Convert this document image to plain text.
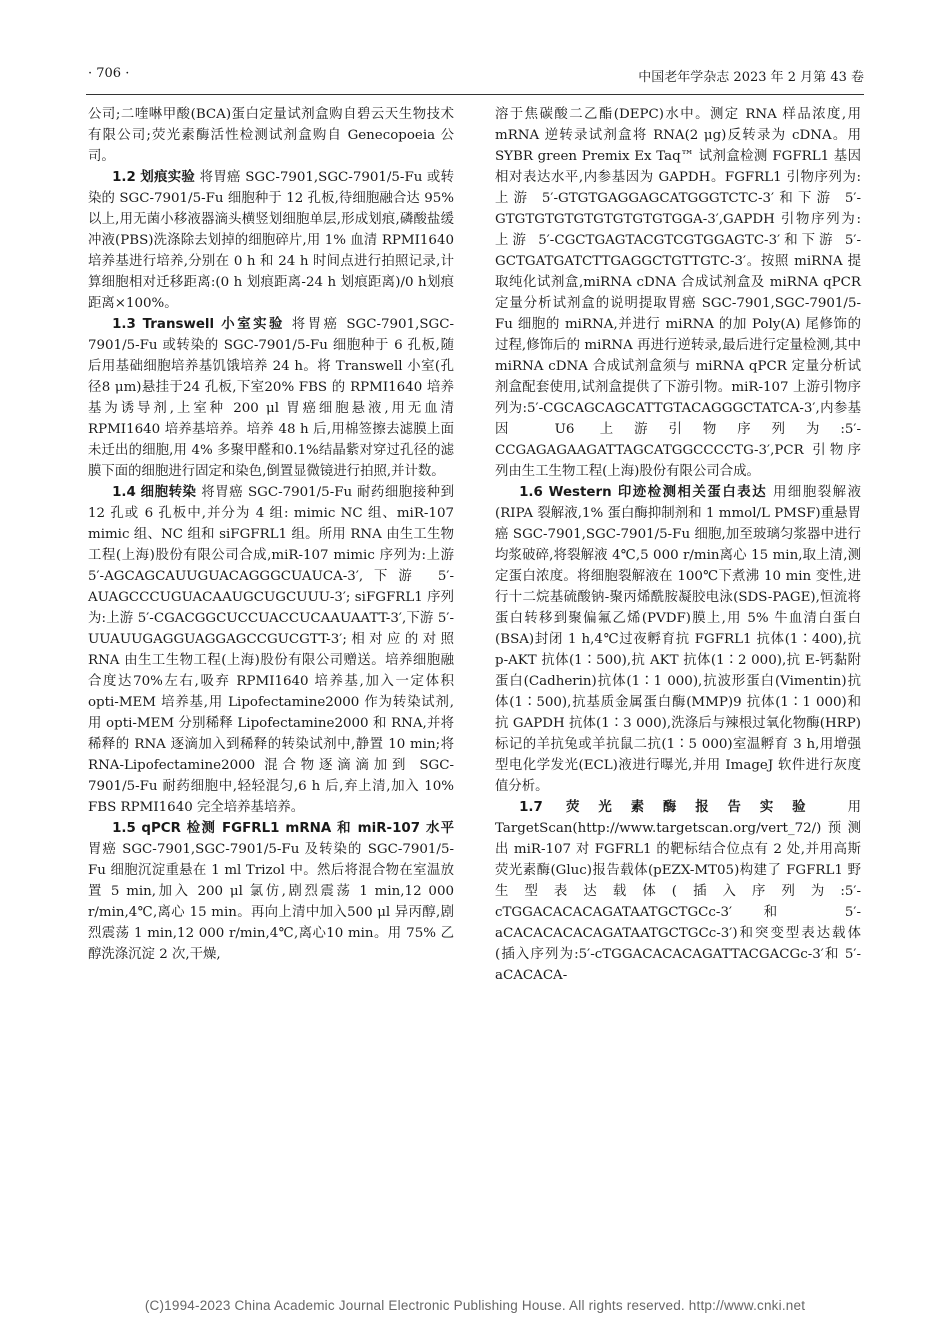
· 706 ·	中国老年学杂志 2023 年 2 月第 43 卷

公司;二喹啉甲酸(BCA)蛋白定量试剂盒购自碧云天生物技术有限公司;荧光素酶活性检测试剂盒购自 Genecopoeia 公司。

1.2 划痕实验 将胃癌 SGC-7901,SGC-7901/5-Fu 或转染的 SGC-7901/5-Fu 细胞种于 12 孔板,待细胞融合达 95% 以上,用无菌小移液器滴头横竖划细胞单层,形成划痕,磷酸盐缓冲液(PBS)洗涤除去划掉的细胞碎片,用 1% 血清 RPMI1640 培养基进行培养,分别在 0 h 和 24 h 时间点进行拍照记录,计算细胞相对迁移距离:(0 h 划痕距离-24 h 划痕距离)/0 h划痕距离×100%。

1.3 Transwell 小室实验 将胃癌 SGC-7901,SGC-7901/5-Fu 或转染的 SGC-7901/5-Fu 细胞种于 6 孔板,随后用基础细胞培养基饥饿培养 24 h。将 Transwell 小室(孔径8 μm)悬挂于24 孔板,下室20% FBS 的 RPMI1640 培养基为诱导剂,上室种 200 μl 胃癌细胞悬液,用无血清 RPMI1640 培养基培养。培养 48 h 后,用棉签擦去滤膜上面未迁出的细胞,用 4% 多聚甲醛和0.1%结晶紫对穿过孔径的滤膜下面的细胞进行固定和染色,倒置显微镜进行拍照,并计数。

1.4 细胞转染 将胃癌 SGC-7901/5-Fu 耐药细胞接种到 12 孔或 6 孔板中,并分为 4 组: mimic NC 组、miR-107 mimic 组、NC 组和 siFGFRL1 组。所用 RNA 由生工生物工程(上海)股份有限公司合成,miR-107 mimic 序列为:上游 5′-AGCAGCAUUGUACAGGGCUAUCA-3′,下游 5′-AUAGCCCUGUACAAUGCUGCUUU-3′; siFGFRL1 序列为:上游 5′-CGACGGCUCCUACCUCAAUAATT-3′,下游 5′-UUAUUGAGGUAGGAGCCGUCGTT-3′;相对应的对照 RNA 由生工生物工程(上海)股份有限公司赠送。培养细胞融合度达70%左右,吸弃 RPMI1640 培养基,加入一定体积 opti-MEM 培养基,用 Lipofectamine2000 作为转染试剂,用 opti-MEM 分别稀释 Lipofectamine2000 和 RNA,并将稀释的 RNA 逐滴加入到稀释的转染试剂中,静置 10 min;将 RNA-Lipofectamine2000 混合物逐滴滴加到 SGC-7901/5-Fu 耐药细胞中,轻轻混匀,6 h 后,弃上清,加入 10% FBS RPMI1640 完全培养基培养。

1.5 qPCR 检测 FGFRL1 mRNA 和 miR-107 水平 胃癌 SGC-7901,SGC-7901/5-Fu 及转染的 SGC-7901/5-Fu 细胞沉淀重悬在 1 ml Trizol 中。然后将混合物在室温放置 5 min,加入 200 μl 氯仿,剧烈震荡 1 min,12 000 r/min,4℃,离心 15 min。再向上清中加入500 μl 异丙醇,剧烈震荡 1 min,12 000 r/min,4℃,离心10 min。用 75% 乙醇洗涤沉淀 2 次,干燥,

溶于焦碳酸二乙酯(DEPC)水中。测定 RNA 样品浓度,用 mRNA 逆转录试剂盒将 RNA(2 μg)反转录为 cDNA。用 SYBR green Premix Ex Taq™ 试剂盒检测 FGFRL1 基因相对表达水平,内参基因为 GAPDH。FGFRL1 引物序列为:上游 5′-GTGTGAGGAGCATGGGTCTC-3′和下游 5′-GTGTGTGTGTGTGTGTGTGGA-3′,GAPDH 引物序列为:上游 5′-CGCTGAGTACGTCGTGGAGTC-3′和下游 5′-GCTGATGATCTTGAGGCTGTTGTC-3′。按照 miRNA 提取纯化试剂盒,miRNA cDNA 合成试剂盒及 miRNA qPCR 定量分析试剂盒的说明提取胃癌 SGC-7901,SGC-7901/5-Fu 细胞的 miRNA,并进行 miRNA 的加 Poly(A) 尾修饰的过程,修饰后的 miRNA 再进行逆转录,最后进行定量检测,其中 miRNA cDNA 合成试剂盒须与 miRNA qPCR 定量分析试剂盒配套使用,试剂盒提供了下游引物。miR-107 上游引物序列为:5′-CGCAGCAGCATTGTACAGGGCTATCA-3′,内参基因 U6 上游引物序列为:5′-CCGAGAGAAGATTAGCATGGCCCCTG-3′,PCR 引物序列由生工生物工程(上海)股份有限公司合成。

1.6 Western 印迹检测相关蛋白表达 用细胞裂解液(RIPA 裂解液,1% 蛋白酶抑制剂和 1 mmol/L PMSF)重悬胃癌 SGC-7901,SGC-7901/5-Fu 细胞,加至玻璃匀浆器中进行均浆破碎,将裂解液 4℃,5 000 r/min离心 15 min,取上清,测定蛋白浓度。将细胞裂解液在 100℃下煮沸 10 min 变性,进行十二烷基硫酸钠-聚丙烯酰胺凝胶电泳(SDS-PAGE),恒流将蛋白转移到聚偏氟乙烯(PVDF)膜上,用 5% 牛血清白蛋白(BSA)封闭 1 h,4℃过夜孵育抗 FGFRL1 抗体(1∶400),抗 p-AKT 抗体(1∶500),抗 AKT 抗体(1∶2 000),抗 E-钙黏附蛋白(Cadherin)抗体(1∶1 000),抗波形蛋白(Vimentin)抗体(1∶500),抗基质金属蛋白酶(MMP)9 抗体(1∶1 000)和抗 GAPDH 抗体(1∶3 000),洗涤后与辣根过氧化物酶(HRP)标记的羊抗兔或羊抗鼠二抗(1∶5 000)室温孵育 3 h,用增强型电化学发光(ECL)液进行曝光,并用 ImageJ 软件进行灰度值分析。

1.7 荧光素酶报告实验 用 TargetScan(http://www.targetscan.org/vert_72/)预测出 miR-107 对 FGFRL1 的靶标结合位点有 2 处,并用高斯荧光素酶(Gluc)报告载体(pEZX-MT05)构建了 FGFRL1 野生型表达载体(插入序列为:5′-cTGGACACACAGATAATGCTGCc-3′和 5′-aCACACACACAGATAATGCTGCc-3′)和突变型表达载体(插入序列为:5′-cTGGACACACAGATTACGACGc-3′和 5′-aCACACA-

(C)1994-2023 China Academic Journal Electronic Publishing House. All rights reserved. http://www.cnki.net
